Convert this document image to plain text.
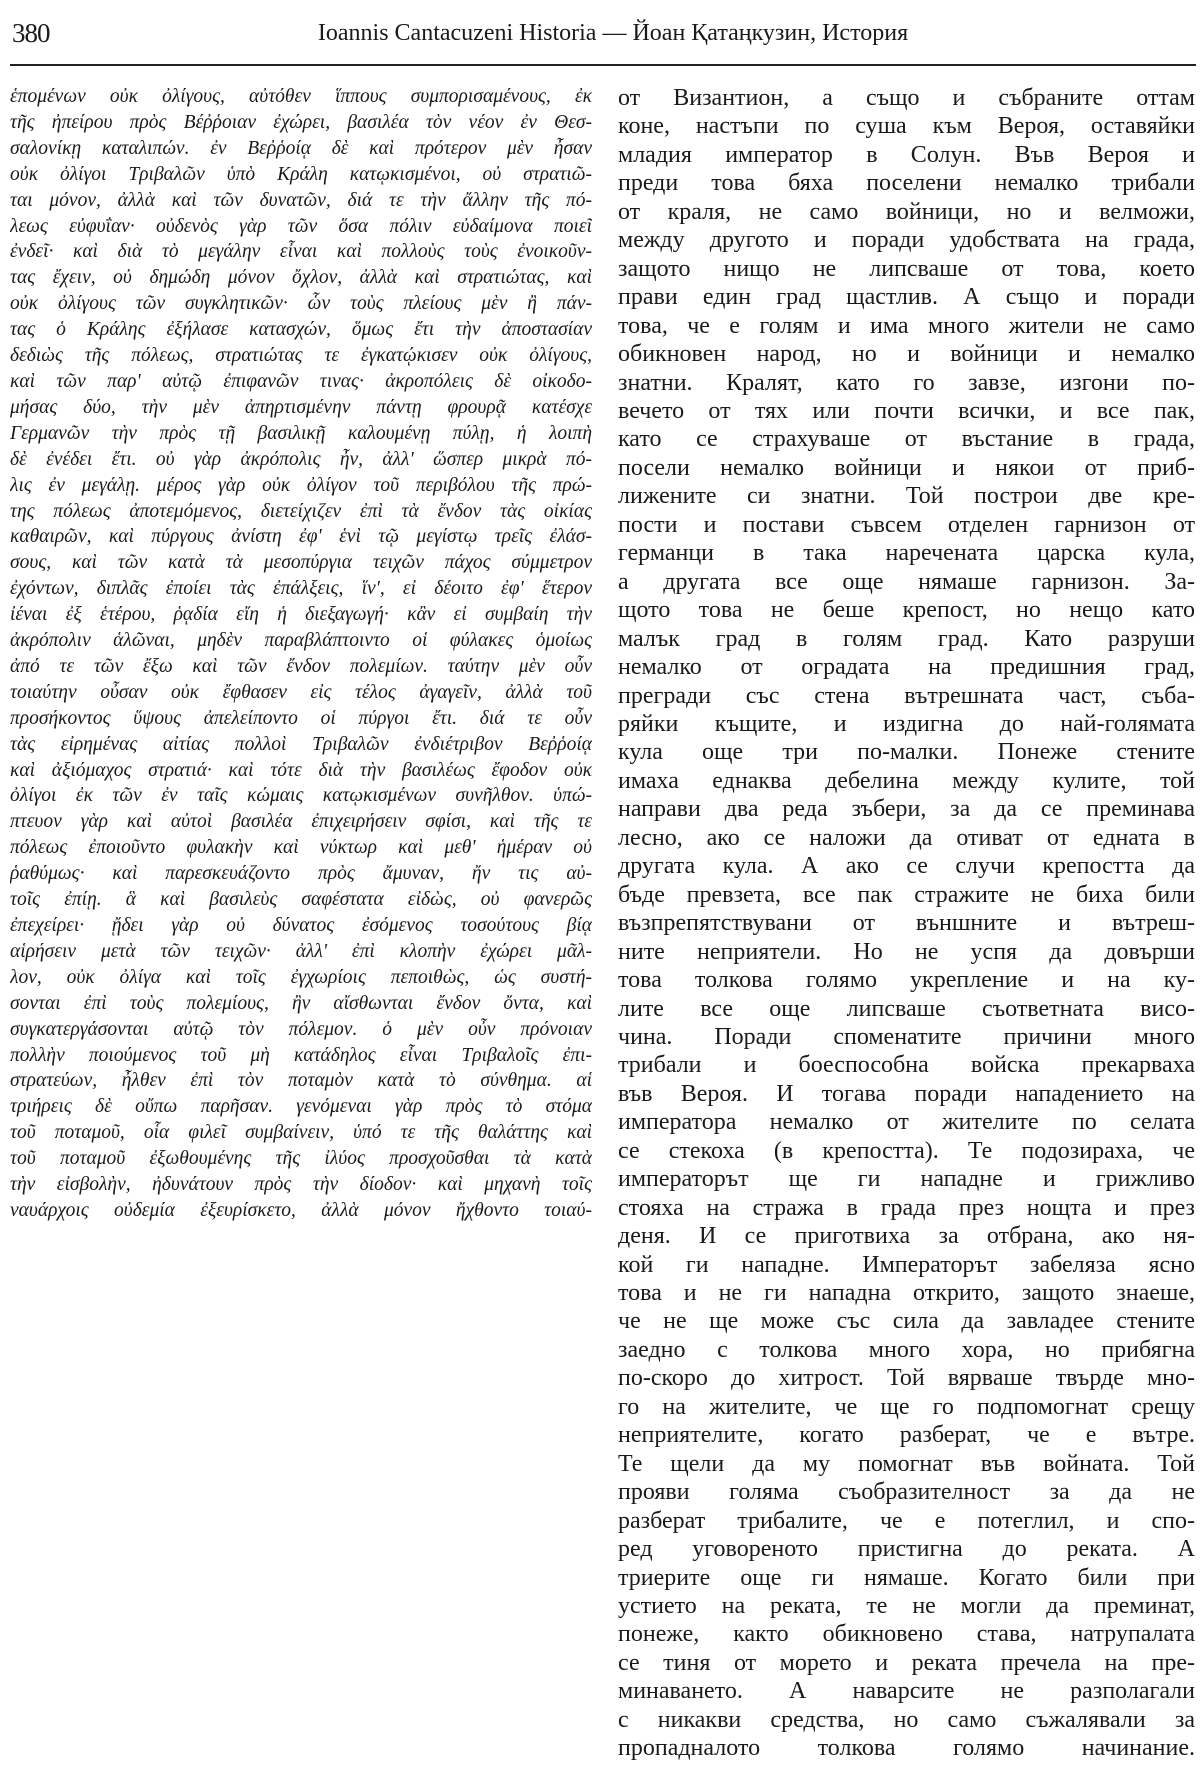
380	Ioannis Cantacuzeni Historia — Йоан Қатаңкузин, История
ἑπομένων οὐκ ὀλίγους, αὐτόθεν ἵππους συμπορισαμένους, ἐκ
τῆς ἠπείρου πρὸς Βέῤῥοιαν ἐχώρει, βασιλέα τὸν νέον ἐν Θεσ-
σαλονίκῃ καταλιπών. ἐν Βεῤῥοίᾳ δὲ καὶ πρότερον μὲν ἦσαν
οὐκ ὀλίγοι Τριβαλῶν ὑπὸ Κράλη κατῳκισμένοι, οὐ στρατιῶ-
ται μόνον, ἀλλὰ καὶ τῶν δυνατῶν, διά τε τὴν ἄλλην τῆς πό-
λεως εὐφυΐαν· οὐδενὸς γὰρ τῶν ὅσα πόλιν εὐδαίμονα ποιεῖ
ἐνδεῖ· καὶ διὰ τὸ μεγάλην εἶναι καὶ πολλοὺς τοὺς ἐνοικοῦν-
τας ἔχειν, οὐ δημώδη μόνον ὄχλον, ἀλλὰ καὶ στρατιώτας, καὶ
οὐκ ὀλίγους τῶν συγκλητικῶν· ὧν τοὺς πλείους μὲν ἢ πάν-
τας ὁ Κράλης ἐξήλασε κατασχών, ὅμως ἔτι τὴν ἀποστασίαν
δεδιὼς τῆς πόλεως, στρατιώτας τε ἐγκατῴκισεν οὐκ ὀλίγους,
καὶ τῶν παρ' αὐτῷ ἐπιφανῶν τινας· ἀκροπόλεις δὲ οἰκοδο-
μήσας δύο, τὴν μὲν ἀπηρτισμένην πάντῃ φρουρᾷ κατέσχε
Γερμανῶν τὴν πρὸς τῇ βασιλικῇ καλουμένῃ πύλῃ, ἡ λοιπὴ
δὲ ἐνέδει ἔτι. οὐ γὰρ ἀκρόπολις ἦν, ἀλλ' ὥσπερ μικρὰ πό-
λις ἐν μεγάλῃ. μέρος γὰρ οὐκ ὀλίγον τοῦ περιβόλου τῆς πρώ-
της πόλεως ἀποτεμόμενος, διετείχιζεν ἐπὶ τὰ ἔνδον τὰς οἰκίας
καθαιρῶν, καὶ πύργους ἀνίστη ἐφ' ἑνὶ τῷ μεγίστῳ τρεῖς ἐλάσ-
σους, καὶ τῶν κατὰ τὰ μεσοπύργια τειχῶν πάχος σύμμετρον
ἐχόντων, διπλᾶς ἐποίει τὰς ἐπάλξεις, ἵν', εἰ δέοιτο ἐφ' ἕτερον
ἰέναι ἐξ ἑτέρου, ῥᾳδία εἴη ἡ διεξαγωγή· κἂν εἰ συμβαίη τὴν
ἀκρόπολιν ἁλῶναι, μηδὲν παραβλάπτοιντο οἱ φύλακες ὁμοίως
ἀπό τε τῶν ἔξω καὶ τῶν ἔνδον πολεμίων. ταύτην μὲν οὖν
τοιαύτην οὖσαν οὐκ ἔφθασεν εἰς τέλος ἀγαγεῖν, ἀλλὰ τοῦ
προσήκοντος ὕψους ἀπελείποντο οἱ πύργοι ἔτι. διά τε οὖν
τὰς εἰρημένας αἰτίας πολλοὶ Τριβαλῶν ἐνδιέτριβον Βεῤῥοίᾳ
καὶ ἀξιόμαχος στρατιά· καὶ τότε διὰ τὴν βασιλέως ἔφοδον οὐκ
ὀλίγοι ἐκ τῶν ἐν ταῖς κώμαις κατῳκισμένων συνῆλθον. ὑπώ-
πτευον γὰρ καὶ αὐτοὶ βασιλέα ἐπιχειρήσειν σφίσι, καὶ τῆς τε
πόλεως ἐποιοῦντο φυλακὴν καὶ νύκτωρ καὶ μεθ' ἡμέραν οὐ
ῥαθύμως· καὶ παρεσκευάζοντο πρὸς ἄμυναν, ἤν τις αὐ-
τοῖς ἐπίῃ. ἃ καὶ βασιλεὺς σαφέστατα εἰδὼς, οὐ φανερῶς
ἐπεχείρει· ᾔδει γὰρ οὐ δύνατος ἐσόμενος τοσούτους βίᾳ
αἱρήσειν μετὰ τῶν τειχῶν· ἀλλ' ἐπὶ κλοπὴν ἐχώρει μᾶλ-
λον, οὐκ ὀλίγα καὶ τοῖς ἐγχωρίοις πεποιθὼς, ὡς συστή-
σονται ἐπὶ τοὺς πολεμίους, ἢν αἴσθωνται ἔνδον ὄντα, καὶ
συγκατεργάσονται αὐτῷ τὸν πόλεμον. ὁ μὲν οὖν πρόνοιαν
πολλὴν ποιούμενος τοῦ μὴ κατάδηλος εἶναι Τριβαλοῖς ἐπι-
στρατεύων, ἦλθεν ἐπὶ τὸν ποταμὸν κατὰ τὸ σύνθημα. αἱ
τριήρεις δὲ οὔπω παρῆσαν. γενόμεναι γὰρ πρὸς τὸ στόμα
τοῦ ποταμοῦ, οἷα φιλεῖ συμβαίνειν, ὑπό τε τῆς θαλάττης καὶ
τοῦ ποταμοῦ ἐξωθουμένης τῆς ἰλύος προσχοῦσθαι τὰ κατὰ
τὴν εἰσβολὴν, ἠδυνάτουν πρὸς τὴν δίοδον· καὶ μηχανὴ τοῖς
ναυάρχοις οὐδεμία ἐξευρίσκετο, ἀλλὰ μόνον ἤχθοντο τοιαύ-
от Византион, а също и събраните оттам
коне, настъпи по суша към Вероя, оставяйки
младия император в Солун. Във Вероя и
преди това бяха поселени немалко трибали
от краля, не само войници, но и велможи,
между другото и поради удобствата на града,
защото нищо не липсваше от това, което
прави един град щастлив. А също и поради
това, че е голям и има много жители не само
обикновен народ, но и войници и немалко
знатни. Кралят, като го завзе, изгони по-
вечето от тях или почти всички, и все пак,
като се страхуваше от въстание в града,
посели немалко войници и някои от приб-
лижените си знатни. Той построи две кре-
пости и постави съвсем отделен гарнизон от
германци в така наречената царска кула,
а другата все още нямаше гарнизон. За-
щото това не беше крепост, но нещо като
малък град в голям град. Като разруши
немалко от оградата на предишния град,
прегради със стена вътрешната част, съба-
ряйки къщите, и издигна до най-голямата
кула още три по-малки. Понеже стените
имаха еднаква дебелина между кулите, той
направи два реда зъбери, за да се преминава
лесно, ако се наложи да отиват от едната в
другата кула. А ако се случи крепостта да
бъде превзета, все пак стражите не биха били
възпрепятствувани от външните и вътреш-
ните неприятели. Но не успя да довърши
това толкова голямо укрепление и на ку-
лите все още липсваше съответната висо-
чина. Поради споменатите причини много
трибали и боеспособна войска прекарваха
във Вероя. И тогава поради нападението на
императора немалко от жителите по селата
се стекоха (в крепостта). Те подозираха, че
императорът ще ги нападне и грижливо
стояха на стража в града през нощта и през
деня. И се приготвиха за отбрана, ако ня-
кой ги нападне. Императорът забеляза ясно
това и не ги нападна открито, защото знаеше,
че не ще може със сила да завладее стените
заедно с толкова много хора, но прибягна
по-скоро до хитрост. Той вярваше твърде мно-
го на жителите, че ще го подпомогнат срещу
неприятелите, когато разберат, че е вътре.
Те щели да му помогнат във войната. Той
прояви голяма съобразителност за да не
разберат трибалите, че е потеглил, и спо-
ред уговореното пристигна до реката. А
триерите още ги нямаше. Когато били при
устието на реката, те не могли да преминат,
понеже, както обикновено става, натрупалата
се тиня от морето и реката пречела на пре-
минаването. А наварсите не разполагали
с никакви средства, но само съжалявали за
пропадналото толкова голямо начинание.
